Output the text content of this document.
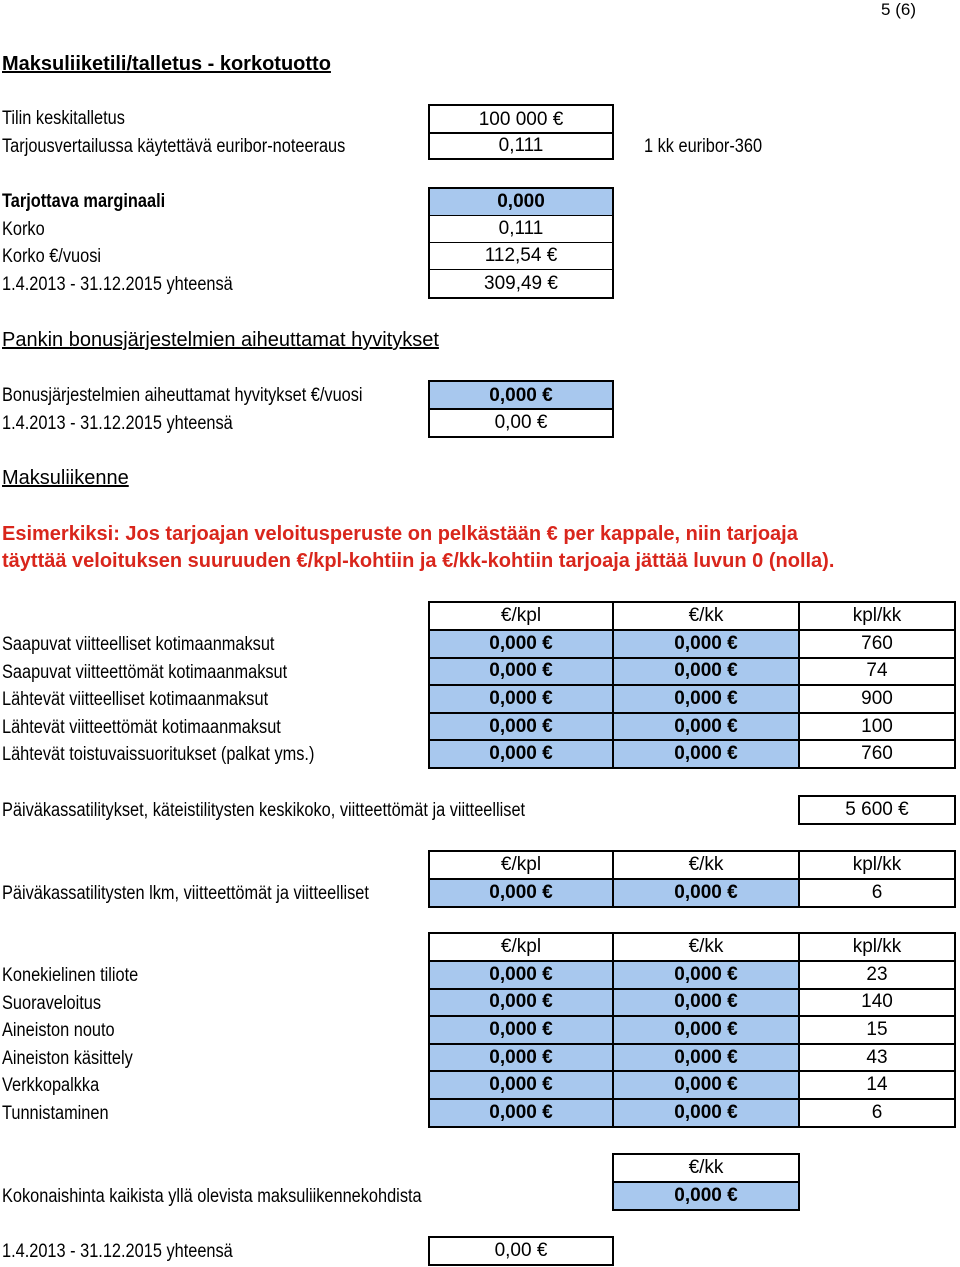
5 (6)
Maksuliiketili/talletus - korkotuotto
Tilin keskitalletus	100 000 €
Tarjousvertailussa käytettävä euribor-noteeraus	0,111	1 kk euribor-360
Tarjottava marginaali	0,000
Korko	0,111
Korko €/vuosi	112,54 €
1.4.2013 - 31.12.2015 yhteensä	309,49 €
Pankin bonusjärjestelmien aiheuttamat hyvitykset
Bonusjärjestelmien aiheuttamat hyvitykset €/vuosi	0,000 €
1.4.2013 - 31.12.2015 yhteensä	0,00 €
Maksuliikenne
Esimerkiksi: Jos tarjoajan veloitusperuste on pelkästään € per kappale, niin tarjoaja
täyttää veloituksen suuruuden €/kpl-kohtiin ja €/kk-kohtiin tarjoaja jättää luvun 0 (nolla).
€/kpl	€/kk	kpl/kk
Saapuvat viitteelliset kotimaanmaksut	0,000 €	0,000 €	760
Saapuvat viitteettömät kotimaanmaksut	0,000 €	0,000 €	74
Lähtevät viitteelliset kotimaanmaksut	0,000 €	0,000 €	900
Lähtevät viitteettömät kotimaanmaksut	0,000 €	0,000 €	100
Lähtevät toistuvaissuoritukset (palkat yms.)	0,000 €	0,000 €	760
Päiväkassatilitykset, käteistilitysten keskikoko, viitteettömät ja viitteelliset	5 600 €
€/kpl	€/kk	kpl/kk
Päiväkassatilitysten lkm, viitteettömät ja viitteelliset	0,000 €	0,000 €	6
€/kpl	€/kk	kpl/kk
Konekielinen tiliote	0,000 €	0,000 €	23
Suoraveloitus	0,000 €	0,000 €	140
Aineiston nouto	0,000 €	0,000 €	15
Aineiston käsittely	0,000 €	0,000 €	43
Verkkopalkka	0,000 €	0,000 €	14
Tunnistaminen	0,000 €	0,000 €	6
€/kk
Kokonaishinta kaikista yllä olevista maksuliikennekohdista	0,000 €
1.4.2013 - 31.12.2015 yhteensä	0,00 €
